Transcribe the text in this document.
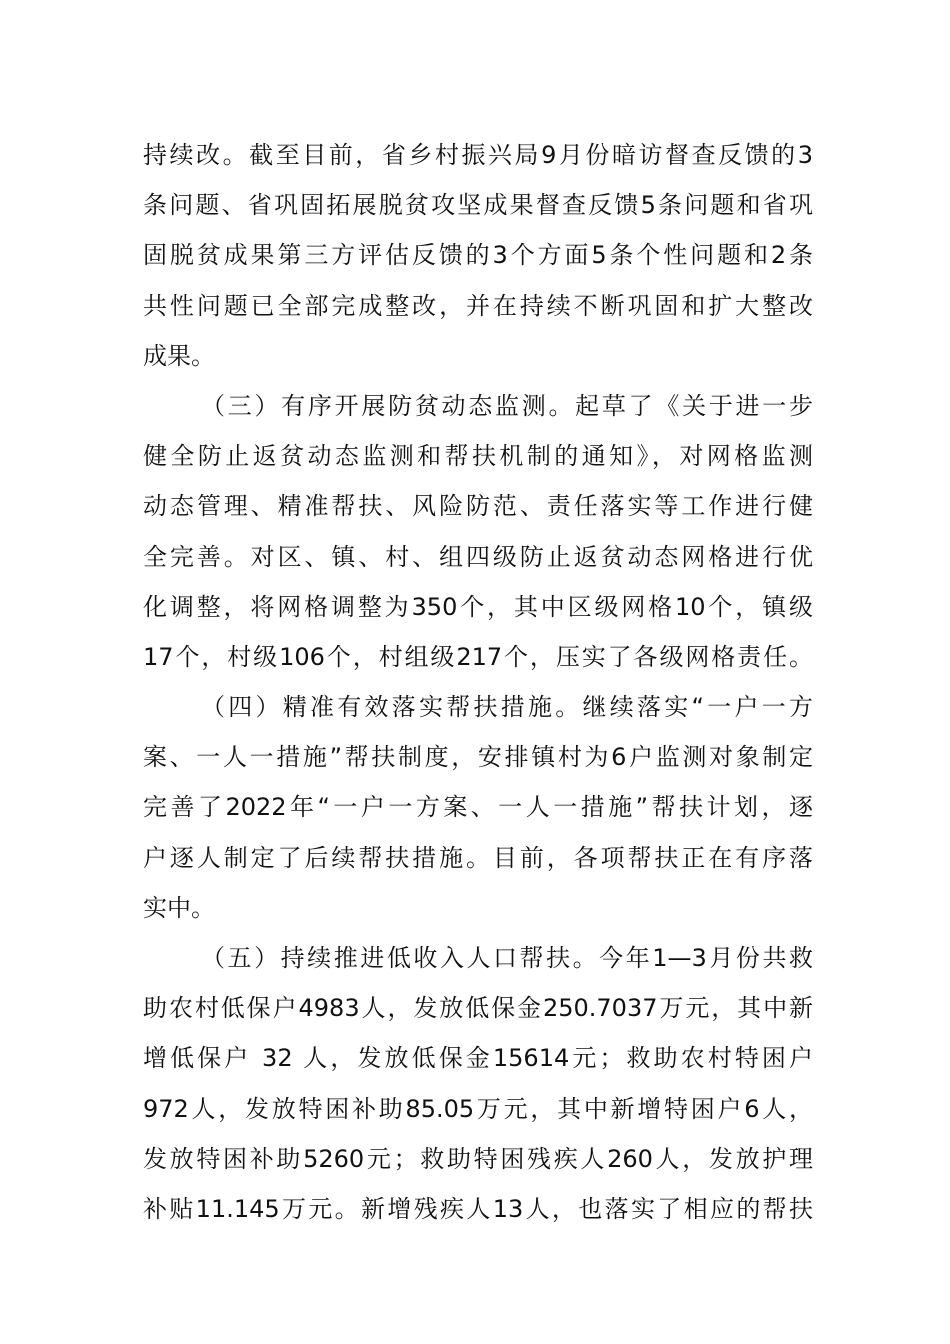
持续改。截至目前，省乡村振兴局9月份暗访督查反馈的3
条问题、省巩固拓展脱贫攻坚成果督查反馈5条问题和省巩
固脱贫成果第三方评估反馈的3个方面5条个性问题和2条
共性问题已全部完成整改，并在持续不断巩固和扩大整改
成果。
（三）有序开展防贫动态监测。起草了《关于进一步
健全防止返贫动态监测和帮扶机制的通知》，对网格监测
动态管理、精准帮扶、风险防范、责任落实等工作进行健
全完善。对区、镇、村、组四级防止返贫动态网格进行优
化调整，将网格调整为350个，其中区级网格10个，镇级
17个，村级106个，村组级217个，压实了各级网格责任。
（四）精准有效落实帮扶措施。继续落实“一户一方
案、一人一措施”帮扶制度，安排镇村为6户监测对象制定
完善了2022年“一户一方案、一人一措施”帮扶计划，逐
户逐人制定了后续帮扶措施。目前，各项帮扶正在有序落
实中。
（五）持续推进低收入人口帮扶。今年1—3月份共救
助农村低保户4983人，发放低保金250.7037万元，其中新
增低保户 32 人，发放低保金15614元；救助农村特困户
972人，发放特困补助85.05万元，其中新增特困户6人，
发放特困补助5260元；救助特困残疾人260人，发放护理
补贴11.145万元。新增残疾人13人，也落实了相应的帮扶
